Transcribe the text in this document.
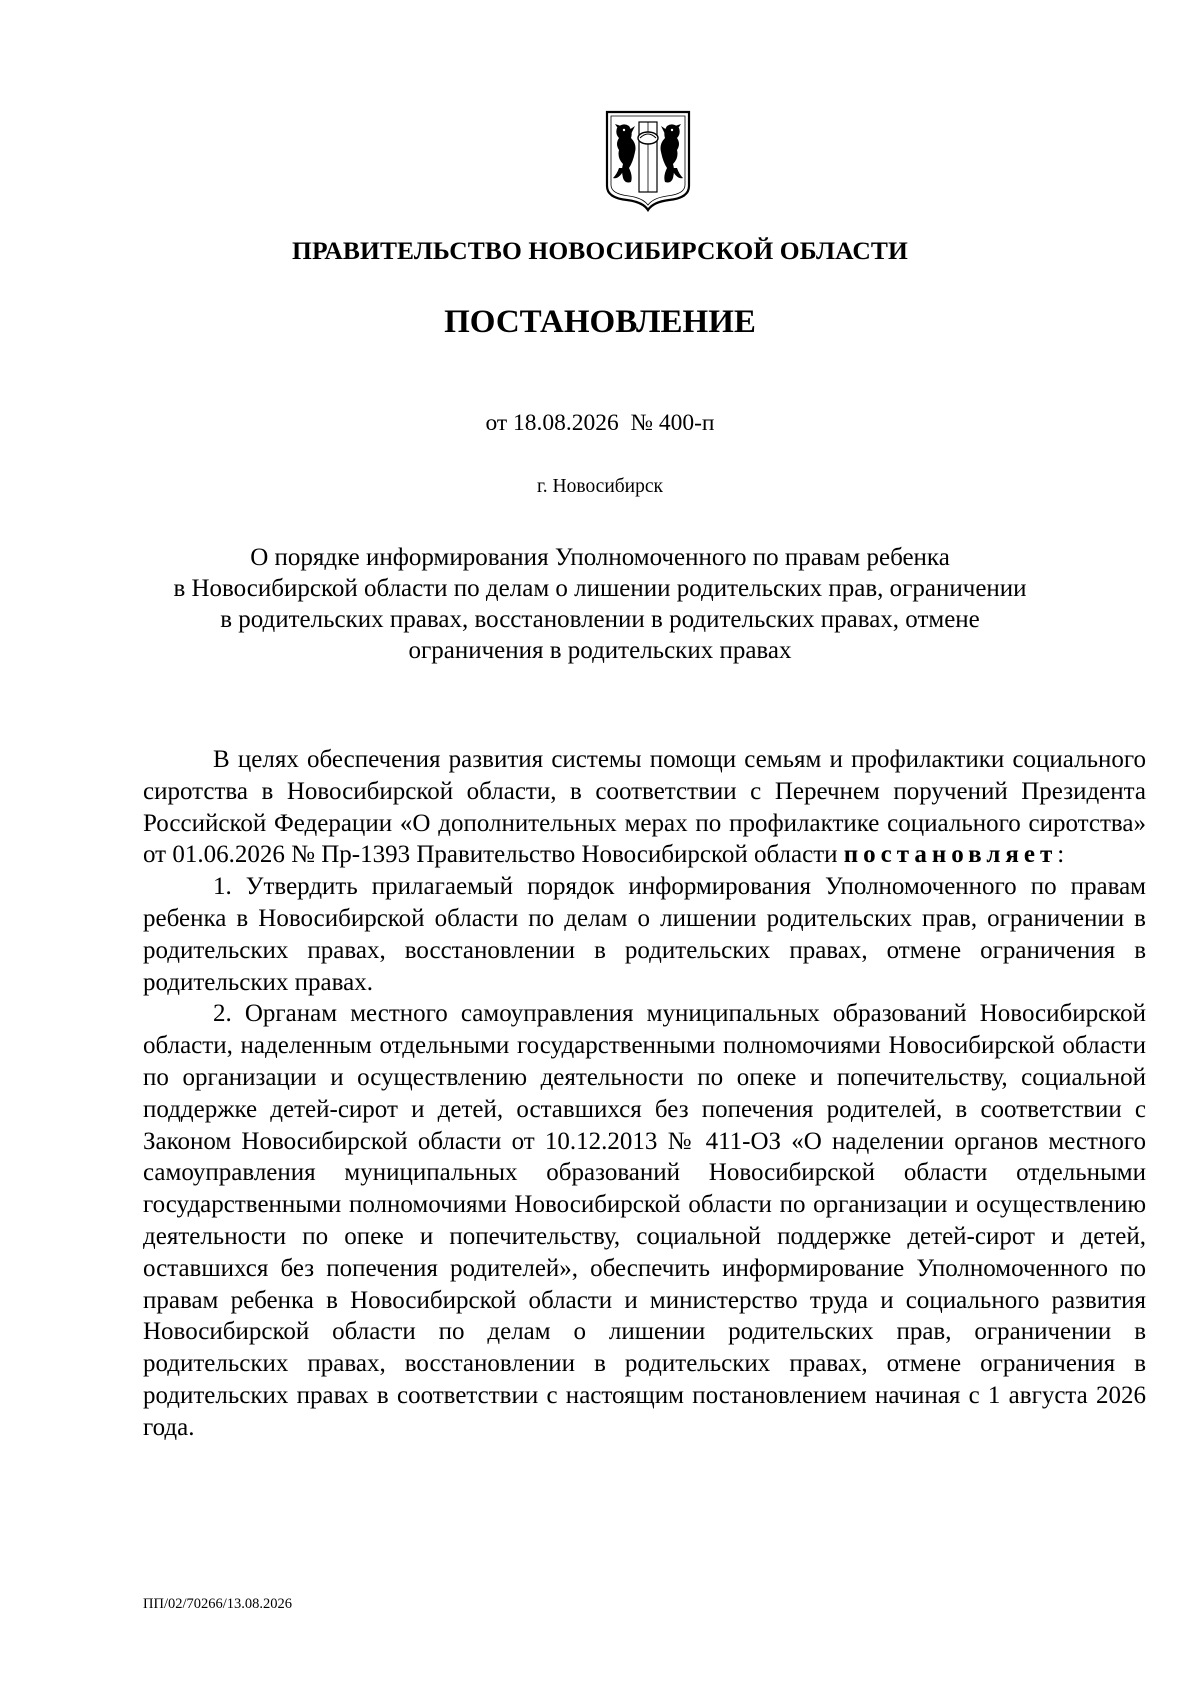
ПРАВИТЕЛЬСТВО НОВОСИБИРСКОЙ ОБЛАСТИ
ПОСТАНОВЛЕНИЕ
от 18.08.2026  № 400-п
г. Новосибирск
О порядке информирования Уполномоченного по правам ребенка
в Новосибирской области по делам о лишении родительских прав, ограничении
в родительских правах, восстановлении в родительских правах, отмене
ограничения в родительских правах

В целях обеспечения развития системы помощи семьям и профилактики социального сиротства в Новосибирской области, в соответствии с Перечнем поручений Президента Российской Федерации «О дополнительных мерах по профилактике социального сиротства» от 01.06.2026 № Пр-1393 Правительство Новосибирской области постановляет:

1. Утвердить прилагаемый порядок информирования Уполномоченного по правам ребенка в Новосибирской области по делам о лишении родительских прав, ограничении в родительских правах, восстановлении в родительских правах, отмене ограничения в родительских правах.

2. Органам местного самоуправления муниципальных образований Новосибирской области, наделенным отдельными государственными полномочиями Новосибирской области по организации и осуществлению деятельности по опеке и попечительству, социальной поддержке детей-сирот и детей, оставшихся без попечения родителей, в соответствии с Законом Новосибирской области от 10.12.2013 № 411-ОЗ «О наделении органов местного самоуправления муниципальных образований Новосибирской области отдельными государственными полномочиями Новосибирской области по организации и осуществлению деятельности по опеке и попечительству, социальной поддержке детей-сирот и детей, оставшихся без попечения родителей», обеспечить информирование Уполномоченного по правам ребенка в Новосибирской области и министерство труда и социального развития Новосибирской области по делам о лишении родительских прав, ограничении в родительских правах, восстановлении в родительских правах, отмене ограничения в родительских правах в соответствии с настоящим постановлением начиная с 1 августа 2026 года.

ПП/02/70266/13.08.2026
